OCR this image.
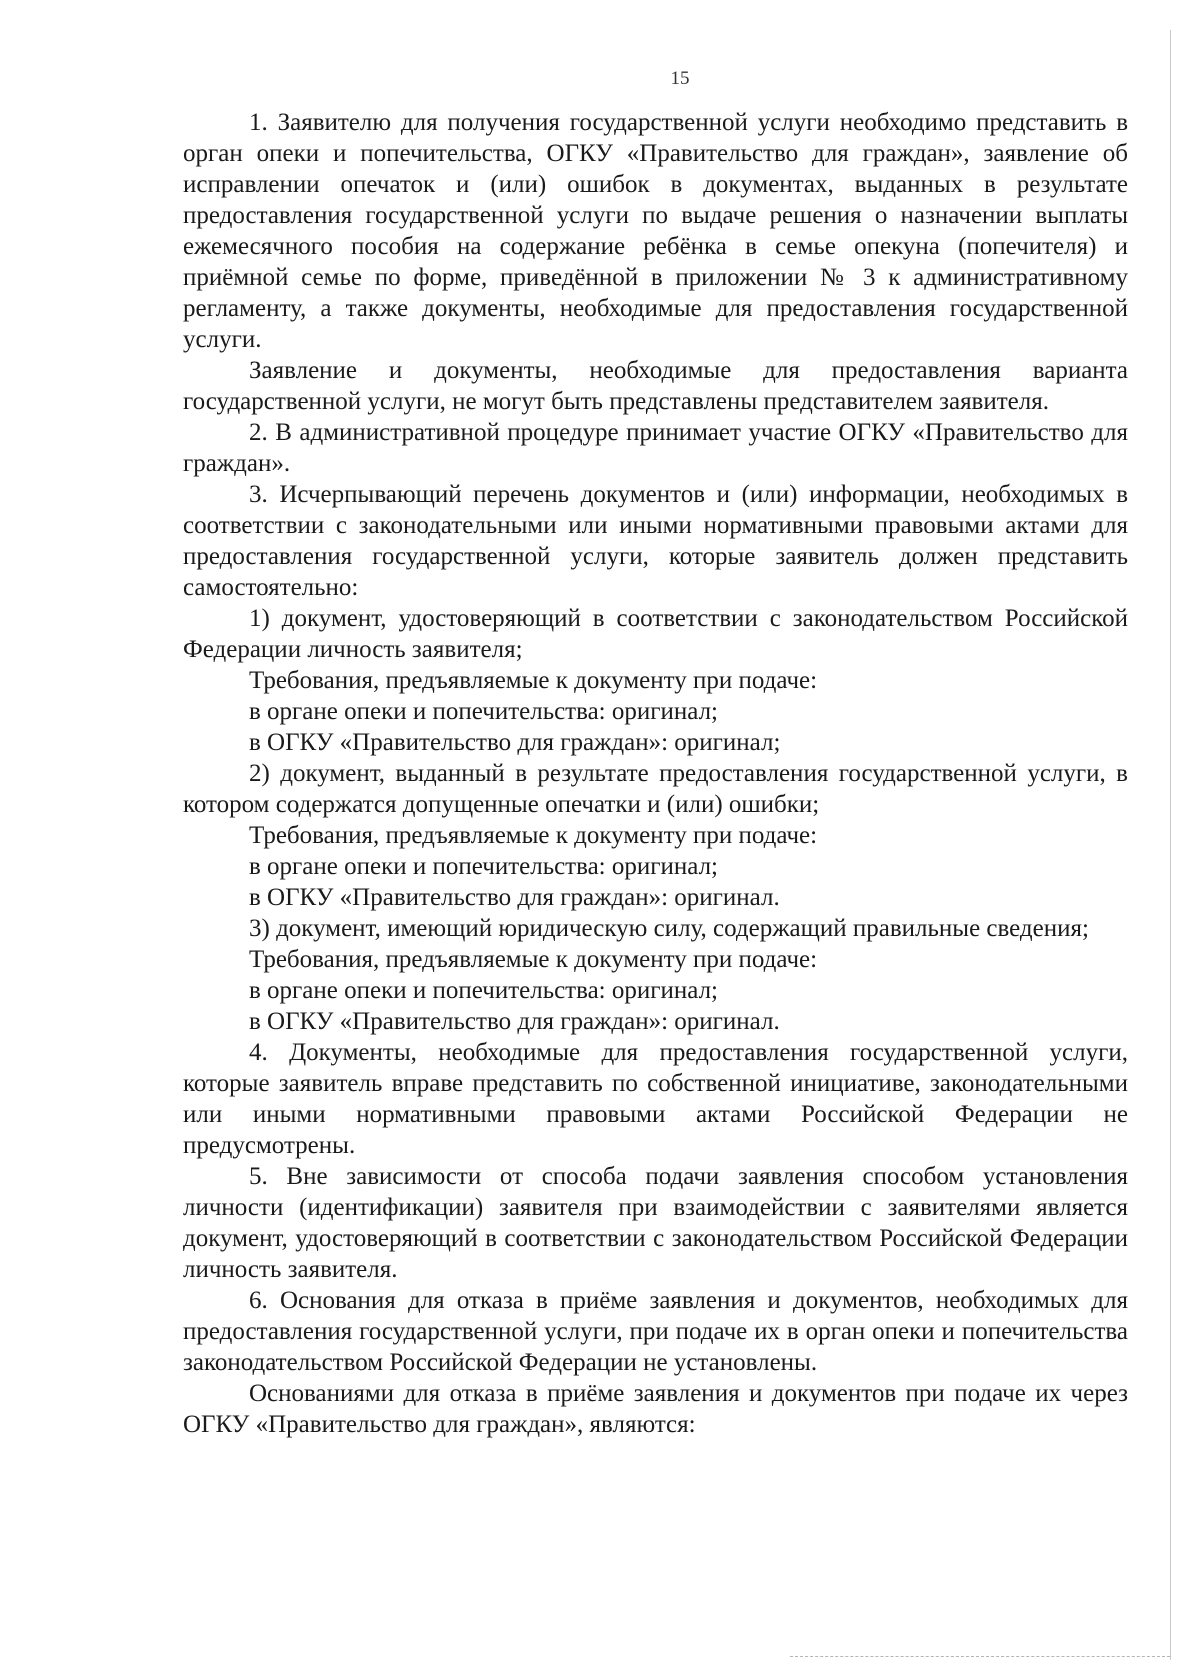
15

1. Заявителю для получения государственной услуги необходимо представить в орган опеки и попечительства, ОГКУ «Правительство для граждан», заявление об исправлении опечаток и (или) ошибок в документах, выданных в результате предоставления государственной услуги по выдаче решения о назначении выплаты ежемесячного пособия на содержание ребёнка в семье опекуна (попечителя) и приёмной семье по форме, приведённой в приложении № 3 к административному регламенту, а также документы, необходимые для предоставления государственной услуги.

Заявление и документы, необходимые для предоставления варианта государственной услуги, не могут быть представлены представителем заявителя.

2. В административной процедуре принимает участие ОГКУ «Правительство для граждан».

3. Исчерпывающий перечень документов и (или) информации, необходимых в соответствии с законодательными или иными нормативными правовыми актами для предоставления государственной услуги, которые заявитель должен представить самостоятельно:

1) документ, удостоверяющий в соответствии с законодательством Российской Федерации личность заявителя;

Требования, предъявляемые к документу при подаче:

в органе опеки и попечительства: оригинал;

в ОГКУ «Правительство для граждан»: оригинал;

2) документ, выданный в результате предоставления государственной услуги, в котором содержатся допущенные опечатки и (или) ошибки;

Требования, предъявляемые к документу при подаче:

в органе опеки и попечительства: оригинал;

в ОГКУ «Правительство для граждан»: оригинал.

3) документ, имеющий юридическую силу, содержащий правильные сведения;

Требования, предъявляемые к документу при подаче:

в органе опеки и попечительства: оригинал;

в ОГКУ «Правительство для граждан»: оригинал.

4. Документы, необходимые для предоставления государственной услуги, которые заявитель вправе представить по собственной инициативе, законодательными или иными нормативными правовыми актами Российской Федерации не предусмотрены.

5. Вне зависимости от способа подачи заявления способом установления личности (идентификации) заявителя при взаимодействии с заявителями является документ, удостоверяющий в соответствии с законодательством Российской Федерации личность заявителя.

6. Основания для отказа в приёме заявления и документов, необходимых для предоставления государственной услуги, при подаче их в орган опеки и попечительства законодательством Российской Федерации не установлены.

Основаниями для отказа в приёме заявления и документов при подаче их через ОГКУ «Правительство для граждан», являются:
